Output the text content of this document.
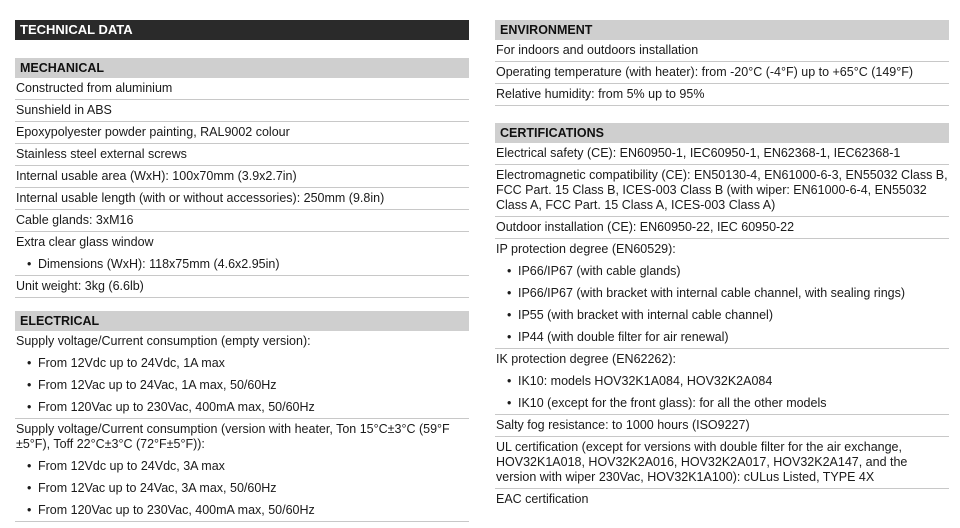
TECHNICAL DATA
MECHANICAL
Constructed from aluminium
Sunshield in ABS
Epoxypolyester powder painting, RAL9002 colour
Stainless steel external screws
Internal usable area (WxH): 100x70mm (3.9x2.7in)
Internal usable length (with or without accessories): 250mm (9.8in)
Cable glands: 3xM16
Extra clear glass window
• Dimensions (WxH): 118x75mm (4.6x2.95in)
Unit weight: 3kg (6.6lb)
ELECTRICAL
Supply voltage/Current consumption (empty version):
• From 12Vdc up to 24Vdc, 1A max
• From 12Vac up to 24Vac, 1A max, 50/60Hz
• From 120Vac up to 230Vac, 400mA max, 50/60Hz
Supply voltage/Current consumption (version with heater, Ton 15°C±3°C (59°F ±5°F), Toff 22°C±3°C (72°F±5°F)):
• From 12Vdc up to 24Vdc, 3A max
• From 12Vac up to 24Vac, 3A max, 50/60Hz
• From 120Vac up to 230Vac, 400mA max, 50/60Hz
ENVIRONMENT
For indoors and outdoors installation
Operating temperature (with heater): from -20°C (-4°F) up to +65°C (149°F)
Relative humidity: from 5% up to 95%
CERTIFICATIONS
Electrical safety (CE): EN60950-1, IEC60950-1, EN62368-1, IEC62368-1
Electromagnetic compatibility (CE): EN50130-4, EN61000-6-3, EN55032 Class B, FCC Part. 15 Class B, ICES-003 Class B (with wiper: EN61000-6-4, EN55032 Class A, FCC Part. 15 Class A, ICES-003 Class A)
Outdoor installation (CE): EN60950-22, IEC 60950-22
IP protection degree (EN60529):
• IP66/IP67 (with cable glands)
• IP66/IP67 (with bracket with internal cable channel, with sealing rings)
• IP55 (with bracket with internal cable channel)
• IP44 (with double filter for air renewal)
IK protection degree (EN62262):
• IK10: models HOV32K1A084, HOV32K2A084
• IK10 (except for the front glass): for all the other models
Salty fog resistance: to 1000 hours (ISO9227)
UL certification (except for versions with double filter for the air exchange, HOV32K1A018, HOV32K2A016, HOV32K2A017, HOV32K2A147, and the version with wiper 230Vac, HOV32K1A100): cULus Listed, TYPE 4X
EAC certification
